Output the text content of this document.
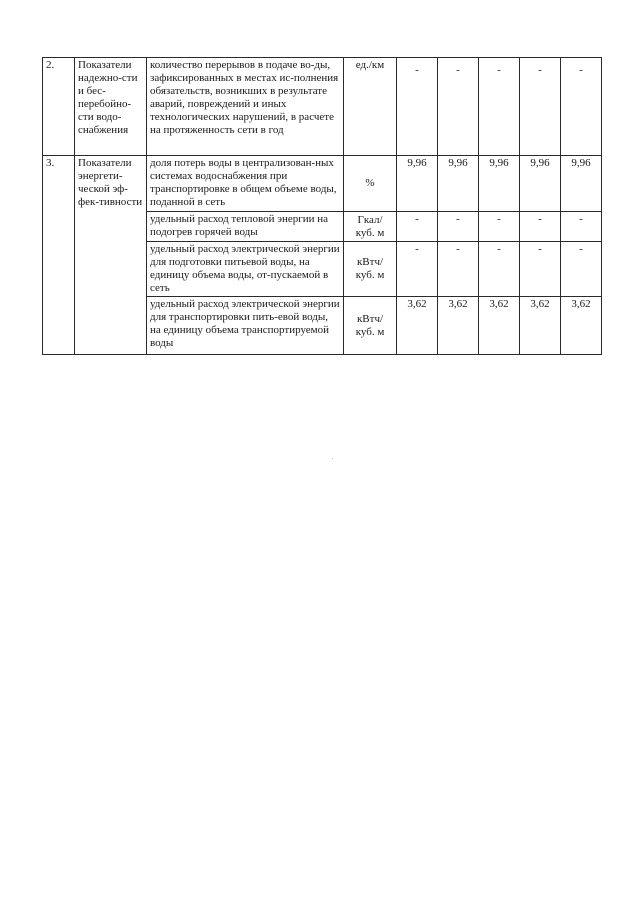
2.	Показатели надежно-сти и бес-перебойно-сти водо-снабжения	количество перерывов в подаче во-ды, зафиксированных в местах ис-полнения обязательств, возникших в результате аварий, повреждений и иных технологических нарушений, в расчете на протяженность сети в год	ед./км	-	-	-	-	-
3.	Показатели энергети-ческой эф-фек-тивности	доля потерь воды в централизован-ных системах водоснабжения при транспортировке в общем объеме воды, поданной в сеть	%	9,96	9,96	9,96	9,96	9,96
		удельный расход тепловой энергии на подогрев горячей воды	Гкал/ куб. м	-	-	-	-	-
		удельный расход электрической энергии для подготовки питьевой воды, на единицу объема воды, от-пускаемой в сеть	кВтч/ куб. м	-	-	-	-	-
		удельный расход электрической энергии для транспортировки пить-евой воды, на единицу объема транспортируемой воды	кВтч/ куб. м	3,62	3,62	3,62	3,62	3,62
